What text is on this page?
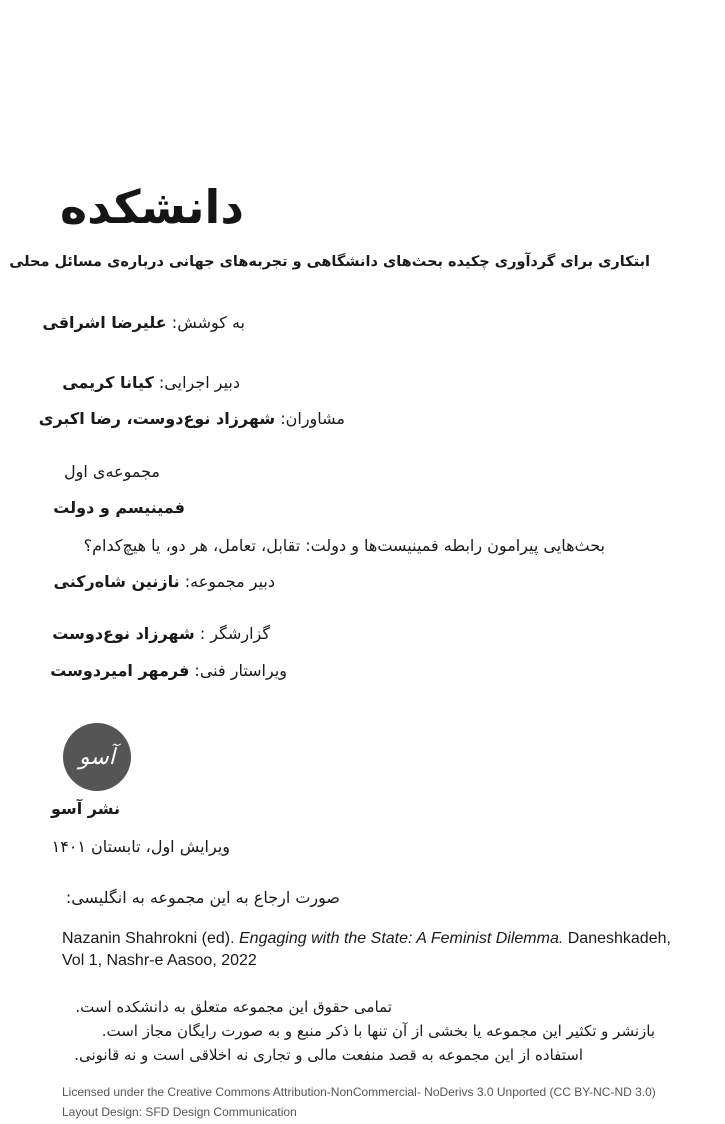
دانشکده
ابتکاری برای گردآوری چکیده بحث‌های دانشگاهی و تجربه‌های جهانی درباره‌ی مسائل محلی
به کوشش: علیرضا اشراقی
دبیر اجرایی: کیانا کریمی
مشاوران: شهرزاد نوع‌دوست، رضا اکبری
مجموعه‌ی اول
فمینیسم و دولت
بحث‌هایی پیرامون رابطه فمینیست‌ها و دولت: تقابل، تعامل، هر دو، یا هیچ‌کدام؟
دبیر مجموعه: نازنین شاه‌رکنی
گزارشگر : شهرزاد نوع‌دوست
ویراستار فنی: فرمهر امیردوست
آسو
نشر آسو
ویرایش اول، تابستان ۱۴۰۱
صورت ارجاع به این مجموعه به انگلیسی:
Nazanin Shahrokni (ed). Engaging with the State: A Feminist Dilemma. Daneshkadeh, Vol 1, Nashr-e Aasoo, 2022
تمامی حقوق این مجموعه متعلق به دانشکده است.
بازنشر و تکثیر این مجموعه یا بخشی از آن تنها با ذکر منبع و به صورت رایگان مجاز است.
استفاده از این مجموعه به قصد منفعت مالی و تجاری نه اخلاقی است و نه قانونی.
Licensed under the Creative Commons Attribution-NonCommercial- NoDerivs 3.0 Unported (CC BY-NC-ND 3.0)
Layout Design: SFD Design Communication
